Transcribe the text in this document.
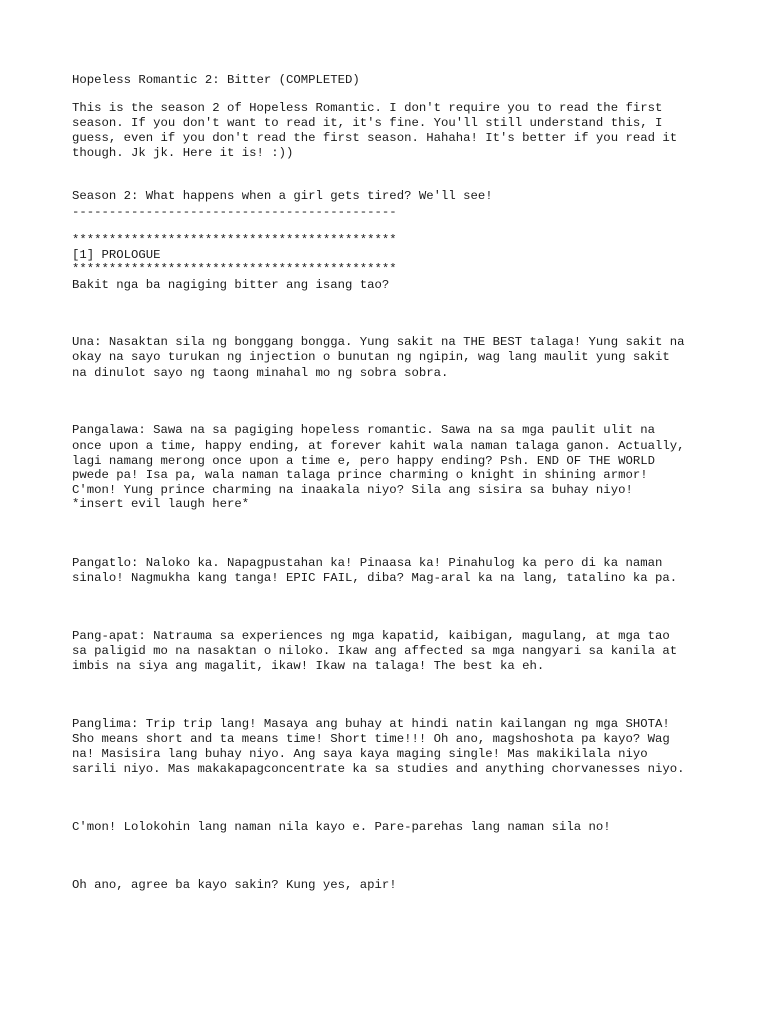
Hopeless Romantic 2: Bitter (COMPLETED)

This is the season 2 of Hopeless Romantic. I don't require you to read the first

season. If you don't want to read it, it's fine. You'll still understand this, I

guess, even if you don't read the first season. Hahaha! It's better if you read it

though. Jk jk. Here it is! :))

Season 2: What happens when a girl gets tired? We'll see!

--------------------------------------------

********************************************

[1] PROLOGUE

********************************************

Bakit nga ba nagiging bitter ang isang tao?

Una: Nasaktan sila ng bonggang bongga. Yung sakit na THE BEST talaga! Yung sakit na

okay na sayo turukan ng injection o bunutan ng ngipin, wag lang maulit yung sakit

na dinulot sayo ng taong minahal mo ng sobra sobra.

Pangalawa: Sawa na sa pagiging hopeless romantic. Sawa na sa mga paulit ulit na

once upon a time, happy ending, at forever kahit wala naman talaga ganon. Actually,

lagi namang merong once upon a time e, pero happy ending? Psh. END OF THE WORLD

pwede pa! Isa pa, wala naman talaga prince charming o knight in shining armor!

C'mon! Yung prince charming na inaakala niyo? Sila ang sisira sa buhay niyo!

*insert evil laugh here*

Pangatlo: Naloko ka. Napagpustahan ka! Pinaasa ka! Pinahulog ka pero di ka naman

sinalo! Nagmukha kang tanga! EPIC FAIL, diba? Mag-aral ka na lang, tatalino ka pa.

Pang-apat: Natrauma sa experiences ng mga kapatid, kaibigan, magulang, at mga tao

sa paligid mo na nasaktan o niloko. Ikaw ang affected sa mga nangyari sa kanila at

imbis na siya ang magalit, ikaw! Ikaw na talaga! The best ka eh.

Panglima: Trip trip lang! Masaya ang buhay at hindi natin kailangan ng mga SHOTA!

Sho means short and ta means time! Short time!!! Oh ano, magshoshota pa kayo? Wag

na! Masisira lang buhay niyo. Ang saya kaya maging single! Mas makikilala niyo

sarili niyo. Mas makakapagconcentrate ka sa studies and anything chorvanesses niyo.

C'mon! Lolokohin lang naman nila kayo e. Pare-parehas lang naman sila no!

Oh ano, agree ba kayo sakin? Kung yes, apir!
